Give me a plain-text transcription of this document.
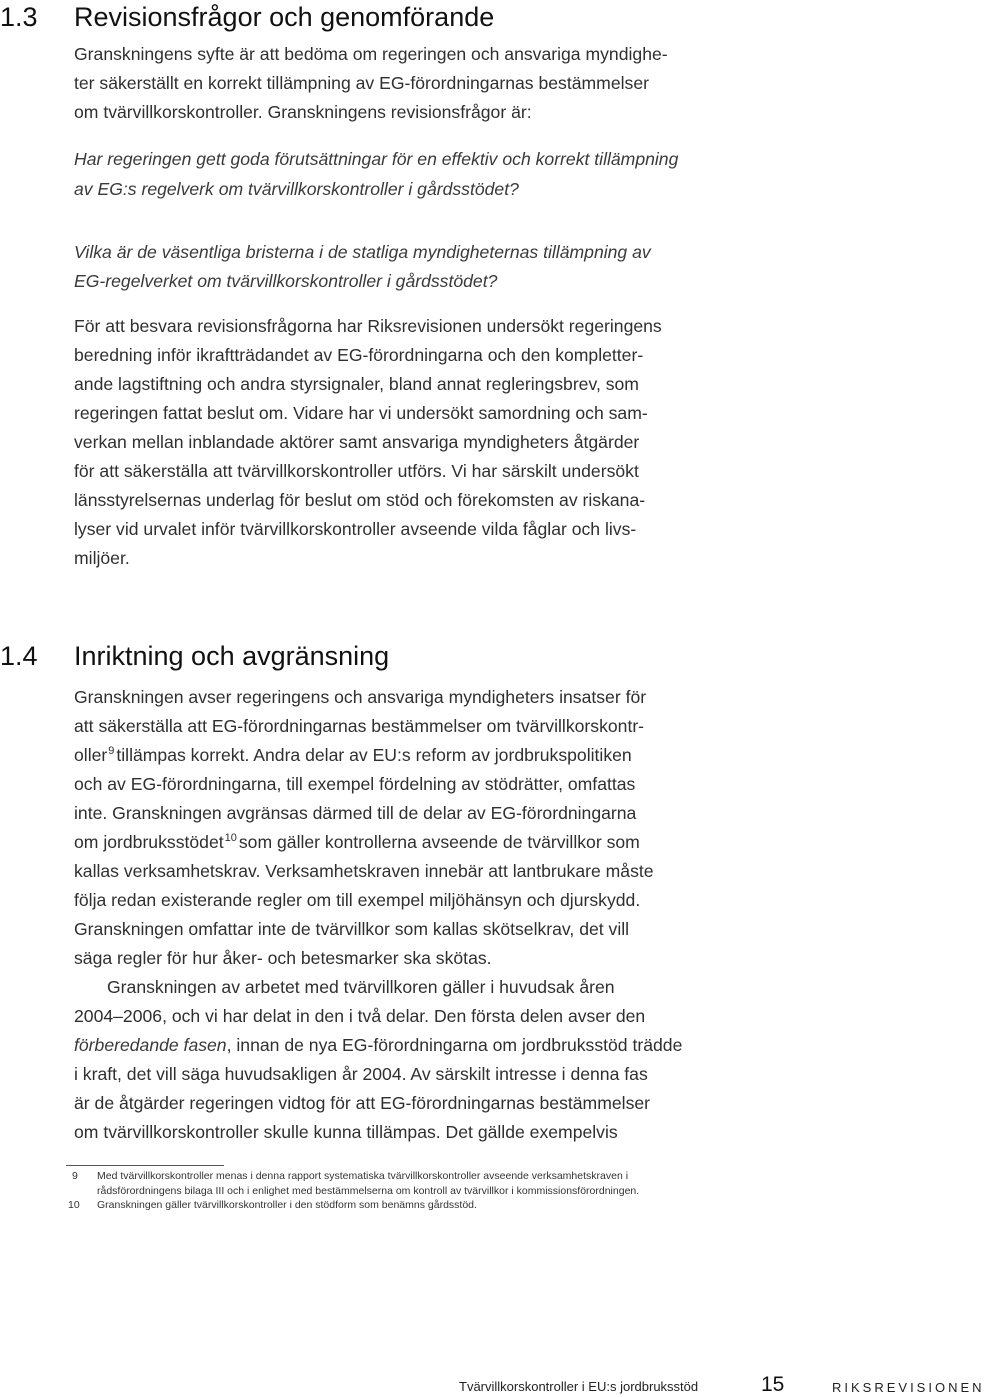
1.3 Revisionsfrågor och genomförande
Granskningens syfte är att bedöma om regeringen och ansvariga myndighe-
ter säkerställt en korrekt tillämpning av EG-förordningarnas bestämmelser
om tvärvillkorskontroller. Granskningens revisionsfrågor är:
Har regeringen gett goda förutsättningar för en effektiv och korrekt tillämpning
av EG:s regelverk om tvärvillkorskontroller i gårdsstödet?
Vilka är de väsentliga bristerna i de statliga myndigheternas tillämpning av
EG-regelverket om tvärvillkorskontroller i gårdsstödet?
För att besvara revisionsfrågorna har Riksrevisionen undersökt regeringens
beredning inför ikraftträdandet av EG-förordningarna och den kompletter-
ande lagstiftning och andra styrsignaler, bland annat regleringsbrev, som
regeringen fattat beslut om. Vidare har vi undersökt samordning och sam-
verkan mellan inblandade aktörer samt ansvariga myndigheters åtgärder
för att säkerställa att tvärvillkorskontroller utförs. Vi har särskilt undersökt
länsstyrelsernas underlag för beslut om stöd och förekomsten av riskana-
lyser vid urvalet inför tvärvillkorskontroller avseende vilda fåglar och livs-
miljöer.
1.4 Inriktning och avgränsning
Granskningen avser regeringens och ansvariga myndigheters insatser för
att säkerställa att EG-förordningarnas bestämmelser om tvärvillkorskontr-
oller$^9$ tillämpas korrekt. Andra delar av EU:s reform av jordbrukspolitiken
och av EG-förordningarna, till exempel fördelning av stödrätter, omfattas
inte. Granskningen avgränsas därmed till de delar av EG-förordningarna
om jordbruksstödet$^{10}$ som gäller kontrollerna avseende de tvärvillkor som
kallas verksamhetskrav. Verksamhetskraven innebär att lantbrukare måste
följa redan existerande regler om till exempel miljöhänsyn och djurskydd.
Granskningen omfattar inte de tvärvillkor som kallas skötselkrav, det vill
säga regler för hur åker- och betesmarker ska skötas.
Granskningen av arbetet med tvärvillkoren gäller i huvudsak åren
2004–2006, och vi har delat in den i två delar. Den första delen avser den
förberedande fasen, innan de nya EG-förordningarna om jordbruksstöd trädde
i kraft, det vill säga huvudsakligen år 2004. Av särskilt intresse i denna fas
är de åtgärder regeringen vidtog för att EG-förordningarnas bestämmelser
om tvärvillkorskontroller skulle kunna tillämpas. Det gällde exempelvis
9 Med tvärvillkorskontroller menas i denna rapport systematiska tvärvillkorskontroller avseende verksamhetskraven i
rådsförordningens bilaga III och i enlighet med bestämmelserna om kontroll av tvärvillkor i kommissionsförordningen.
10 Granskningen gäller tvärvillkorskontroller i den stödform som benämns gårdsstöd.
Tvärvillkorskontroller i EU:s jordbruksstöd	15	RIKSREVISIONEN
